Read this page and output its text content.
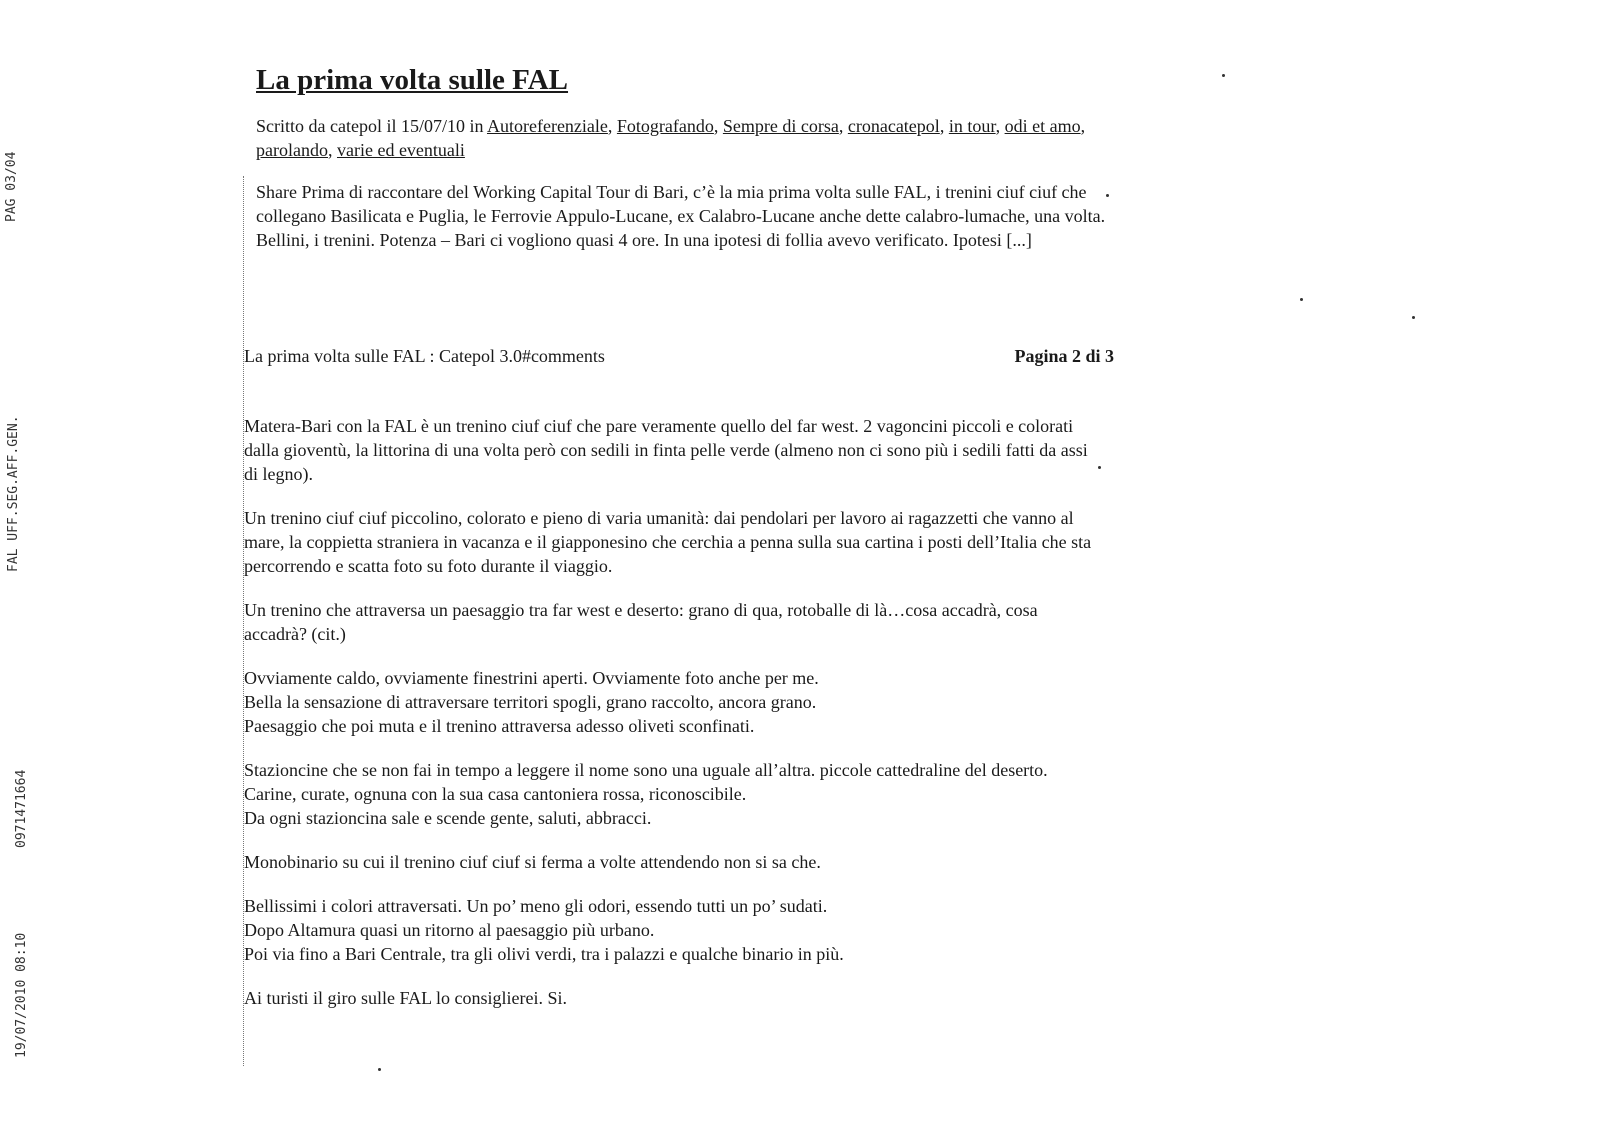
PAG 03/04
FAL UFF.SEG.AFF.GEN.
0971471664
19/07/2010 08:10
La prima volta sulle FAL
Scritto da catepol il 15/07/10 in Autoreferenziale, Fotografando, Sempre di corsa, cronacatepol, in tour, odi et amo, parolando, varie ed eventuali
Share Prima di raccontare del Working Capital Tour di Bari, c’è la mia prima volta sulle FAL, i trenini ciuf ciuf che collegano Basilicata e Puglia, le Ferrovie Appulo-Lucane, ex Calabro-Lucane anche dette calabro-lumache, una volta. Bellini, i trenini. Potenza – Bari ci vogliono quasi 4 ore. In una ipotesi di follia avevo verificato. Ipotesi [...]
La prima volta sulle FAL : Catepol 3.0#comments	Pagina 2 di 3

Matera-Bari con la FAL è un trenino ciuf ciuf che pare veramente quello del far west. 2 vagoncini piccoli e colorati dalla gioventù, la littorina di una volta però con sedili in finta pelle verde (almeno non ci sono più i sedili fatti da assi di legno).

Un trenino ciuf ciuf piccolino, colorato e pieno di varia umanità: dai pendolari per lavoro ai ragazzetti che vanno al mare, la coppietta straniera in vacanza e il giapponesino che cerchia a penna sulla sua cartina i posti dell’Italia che sta percorrendo e scatta foto su foto durante il viaggio.

Un trenino che attraversa un paesaggio tra far west e deserto: grano di qua, rotoballe di là…cosa accadrà, cosa accadrà? (cit.)

Ovviamente caldo, ovviamente finestrini aperti. Ovviamente foto anche per me.
Bella la sensazione di attraversare territori spogli, grano raccolto, ancora grano.
Paesaggio che poi muta e il trenino attraversa adesso oliveti sconfinati.

Stazioncine che se non fai in tempo a leggere il nome sono una uguale all’altra. piccole cattedraline del deserto.
Carine, curate, ognuna con la sua casa cantoniera rossa, riconoscibile.
Da ogni stazioncina sale e scende gente, saluti, abbracci.

Monobinario su cui il trenino ciuf ciuf si ferma a volte attendendo non si sa che.

Bellissimi i colori attraversati. Un po’ meno gli odori, essendo tutti un po’ sudati.
Dopo Altamura quasi un ritorno al paesaggio più urbano.
Poi via fino a Bari Centrale, tra gli olivi verdi, tra i palazzi e qualche binario in più.

Ai turisti il giro sulle FAL lo consiglierei. Si.
